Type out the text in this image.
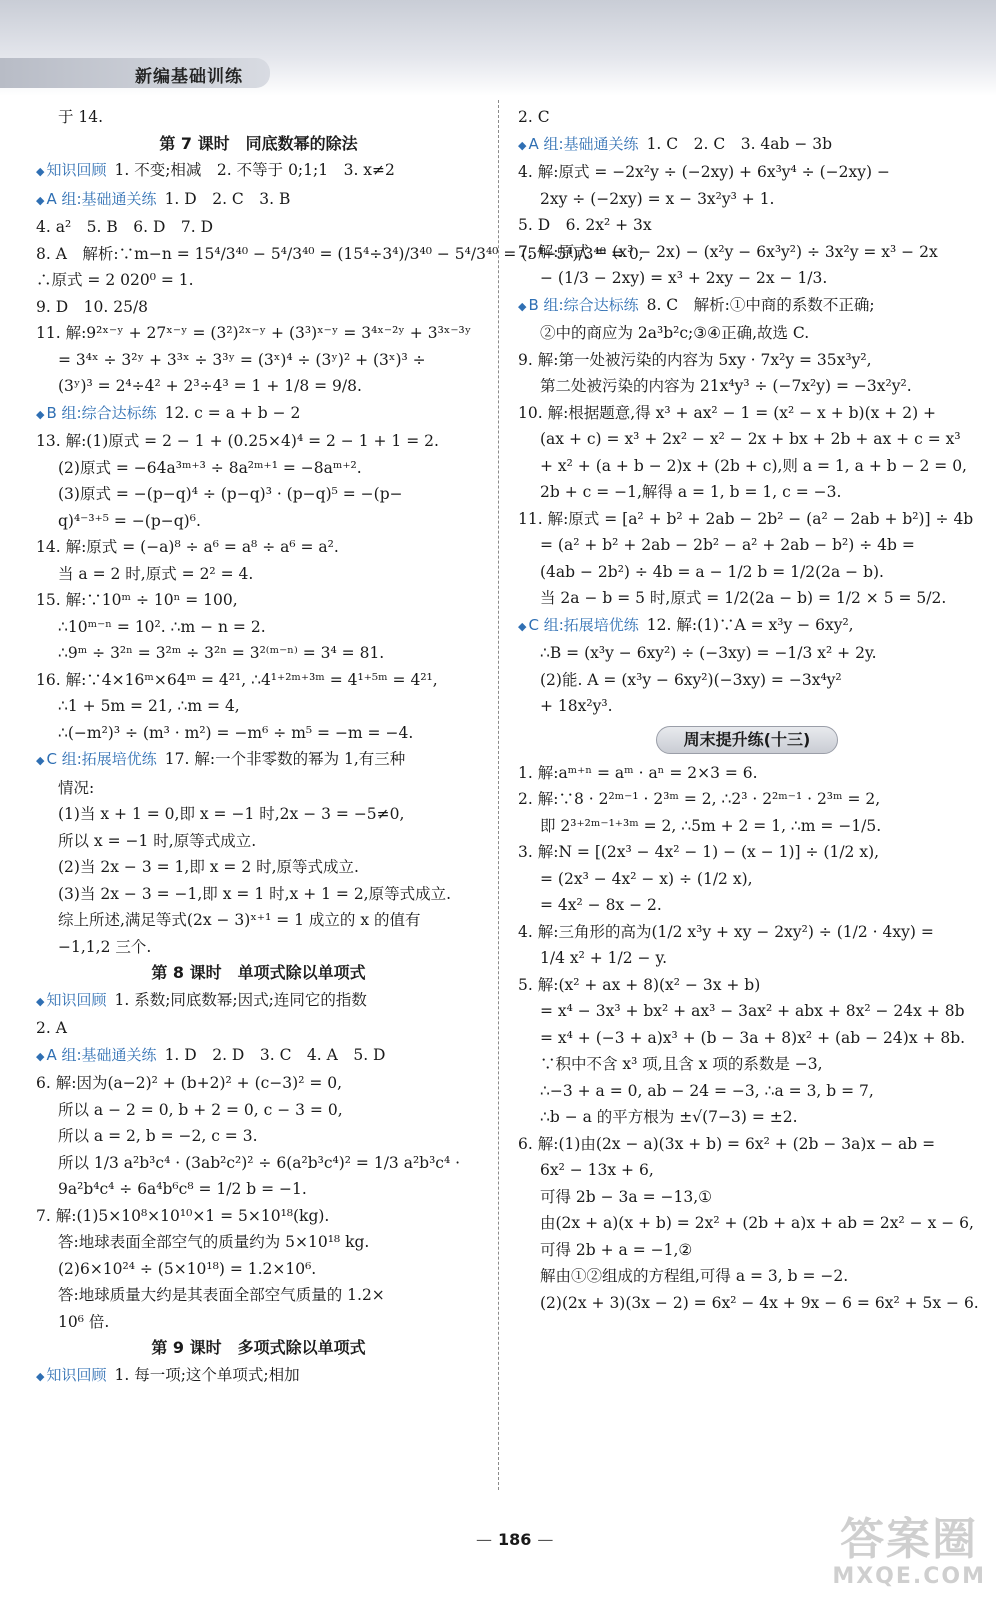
新编基础训练
于 14.
第 7 课时　同底数幂的除法
◆ 知识回顾 1. 不变;相减　2. 不等于 0;1;1　3. x≠2
◆ A 组:基础通关练 1. D　2. C　3. B
4. a²　5. B　6. D　7. D
8. A　解析:∵m−n = 15⁴/3⁴⁰ − 5⁴/3⁴⁰ = (15⁴÷3⁴)/3⁴⁰ − 5⁴/3⁴⁰ = (5⁴−5⁴)/3⁴⁰ = 0,
∴原式 = 2 020⁰ = 1.
9. D　10. 25/8
11. 解:9²ˣ⁻ʸ + 27ˣ⁻ʸ = (3²)²ˣ⁻ʸ + (3³)ˣ⁻ʸ = 3⁴ˣ⁻²ʸ + 3³ˣ⁻³ʸ
= 3⁴ˣ ÷ 3²ʸ + 3³ˣ ÷ 3³ʸ = (3ˣ)⁴ ÷ (3ʸ)² + (3ˣ)³ ÷
(3ʸ)³ = 2⁴÷4² + 2³÷4³ = 1 + 1/8 = 9/8.
◆ B 组:综合达标练 12. c = a + b − 2
13. 解:(1)原式 = 2 − 1 + (0.25×4)⁴ = 2 − 1 + 1 = 2.
(2)原式 = −64a³ᵐ⁺³ ÷ 8a²ᵐ⁺¹ = −8aᵐ⁺².
(3)原式 = −(p−q)⁴ ÷ (p−q)³ · (p−q)⁵ = −(p−
q)⁴⁻³⁺⁵ = −(p−q)⁶.
14. 解:原式 = (−a)⁸ ÷ a⁶ = a⁸ ÷ a⁶ = a².
当 a = 2 时,原式 = 2² = 4.
15. 解:∵10ᵐ ÷ 10ⁿ = 100,
∴10ᵐ⁻ⁿ = 10². ∴m − n = 2.
∴9ᵐ ÷ 3²ⁿ = 3²ᵐ ÷ 3²ⁿ = 3²⁽ᵐ⁻ⁿ⁾ = 3⁴ = 81.
16. 解:∵4×16ᵐ×64ᵐ = 4²¹, ∴4¹⁺²ᵐ⁺³ᵐ = 4¹⁺⁵ᵐ = 4²¹,
∴1 + 5m = 21, ∴m = 4,
∴(−m²)³ ÷ (m³ · m²) = −m⁶ ÷ m⁵ = −m = −4.
◆ C 组:拓展培优练 17. 解:一个非零数的幂为 1,有三种
情况:
(1)当 x + 1 = 0,即 x = −1 时,2x − 3 = −5≠0,
所以 x = −1 时,原等式成立.
(2)当 2x − 3 = 1,即 x = 2 时,原等式成立.
(3)当 2x − 3 = −1,即 x = 1 时,x + 1 = 2,原等式成立.
综上所述,满足等式(2x − 3)ˣ⁺¹ = 1 成立的 x 的值有
−1,1,2 三个.
第 8 课时　单项式除以单项式
◆ 知识回顾 1. 系数;同底数幂;因式;连同它的指数
2. A
◆ A 组:基础通关练 1. D　2. D　3. C　4. A　5. D
6. 解:因为(a−2)² + (b+2)² + (c−3)² = 0,
所以 a − 2 = 0, b + 2 = 0, c − 3 = 0,
所以 a = 2, b = −2, c = 3.
所以 1/3 a²b³c⁴ · (3ab²c²)² ÷ 6(a²b³c⁴)² = 1/3 a²b³c⁴ ·
9a²b⁴c⁴ ÷ 6a⁴b⁶c⁸ = 1/2 b = −1.
7. 解:(1)5×10⁸×10¹⁰×1 = 5×10¹⁸(kg).
答:地球表面全部空气的质量约为 5×10¹⁸ kg.
(2)6×10²⁴ ÷ (5×10¹⁸) = 1.2×10⁶.
答:地球质量大约是其表面全部空气质量的 1.2×
10⁶ 倍.
第 9 课时　多项式除以单项式
◆ 知识回顾 1. 每一项;这个单项式;相加
2. C
◆ A 组:基础通关练 1. C　2. C　3. 4ab − 3b
4. 解:原式 = −2x²y ÷ (−2xy) + 6x³y⁴ ÷ (−2xy) −
2xy ÷ (−2xy) = x − 3x²y³ + 1.
5. D　6. 2x² + 3x
7. 解:原式 = (x³ − 2x) − (x²y − 6x³y²) ÷ 3x²y = x³ − 2x
− (1/3 − 2xy) = x³ + 2xy − 2x − 1/3.
◆ B 组:综合达标练 8. C　解析:①中商的系数不正确;
②中的商应为 2a³b²c;③④正确,故选 C.
9. 解:第一处被污染的内容为 5xy · 7x²y = 35x³y²,
第二处被污染的内容为 21x⁴y³ ÷ (−7x²y) = −3x²y².
10. 解:根据题意,得 x³ + ax² − 1 = (x² − x + b)(x + 2) +
(ax + c) = x³ + 2x² − x² − 2x + bx + 2b + ax + c = x³
+ x² + (a + b − 2)x + (2b + c),则 a = 1, a + b − 2 = 0,
2b + c = −1,解得 a = 1, b = 1, c = −3.
11. 解:原式 = [a² + b² + 2ab − 2b² − (a² − 2ab + b²)] ÷ 4b
= (a² + b² + 2ab − 2b² − a² + 2ab − b²) ÷ 4b =
(4ab − 2b²) ÷ 4b = a − 1/2 b = 1/2(2a − b).
当 2a − b = 5 时,原式 = 1/2(2a − b) = 1/2 × 5 = 5/2.
◆ C 组:拓展培优练 12. 解:(1)∵A = x³y − 6xy²,
∴B = (x³y − 6xy²) ÷ (−3xy) = −1/3 x² + 2y.
(2)能. A = (x³y − 6xy²)(−3xy) = −3x⁴y²
+ 18x²y³.
周末提升练(十三)
1. 解:aᵐ⁺ⁿ = aᵐ · aⁿ = 2×3 = 6.
2. 解:∵8 · 2²ᵐ⁻¹ · 2³ᵐ = 2, ∴2³ · 2²ᵐ⁻¹ · 2³ᵐ = 2,
即 2³⁺²ᵐ⁻¹⁺³ᵐ = 2, ∴5m + 2 = 1, ∴m = −1/5.
3. 解:N = [(2x³ − 4x² − 1) − (x − 1)] ÷ (1/2 x),
= (2x³ − 4x² − x) ÷ (1/2 x),
= 4x² − 8x − 2.
4. 解:三角形的高为(1/2 x³y + xy − 2xy²) ÷ (1/2 · 4xy) =
1/4 x² + 1/2 − y.
5. 解:(x² + ax + 8)(x² − 3x + b)
= x⁴ − 3x³ + bx² + ax³ − 3ax² + abx + 8x² − 24x + 8b
= x⁴ + (−3 + a)x³ + (b − 3a + 8)x² + (ab − 24)x + 8b.
∵积中不含 x³ 项,且含 x 项的系数是 −3,
∴−3 + a = 0, ab − 24 = −3, ∴a = 3, b = 7,
∴b − a 的平方根为 ±√(7−3) = ±2.
6. 解:(1)由(2x − a)(3x + b) = 6x² + (2b − 3a)x − ab =
6x² − 13x + 6,
可得 2b − 3a = −13,①
由(2x + a)(x + b) = 2x² + (2b + a)x + ab = 2x² − x − 6,
可得 2b + a = −1,②
解由①②组成的方程组,可得 a = 3, b = −2.
(2)(2x + 3)(3x − 2) = 6x² − 4x + 9x − 6 = 6x² + 5x − 6.
— 186 —	答案圈
MXQE.COM
